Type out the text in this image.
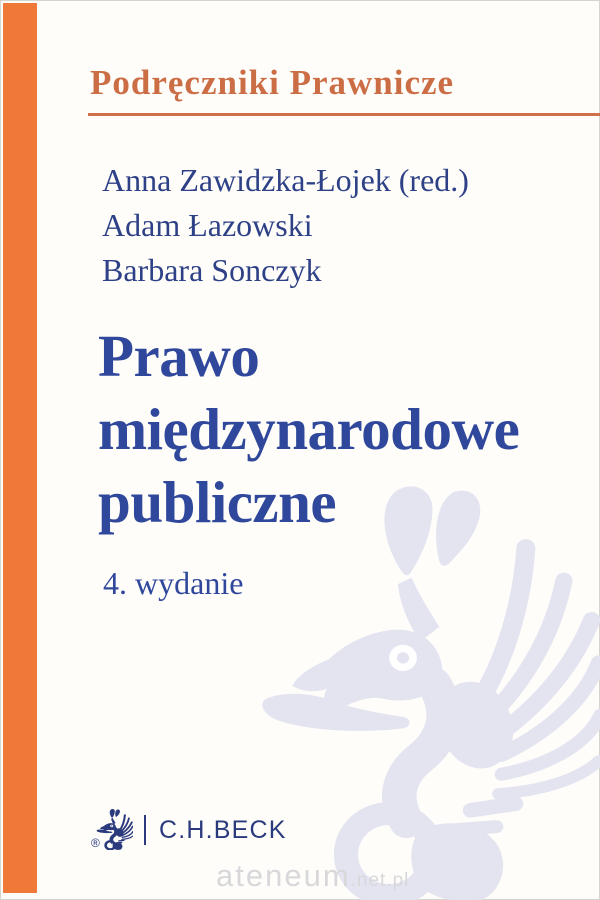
Podręczniki Prawnicze
Anna Zawidzka-Łojek (red.)
Adam Łazowski
Barbara Sonczyk
Prawo
międzynarodowe
publiczne
4. wydanie
® C.H.BECK
ateneum.net.pl
